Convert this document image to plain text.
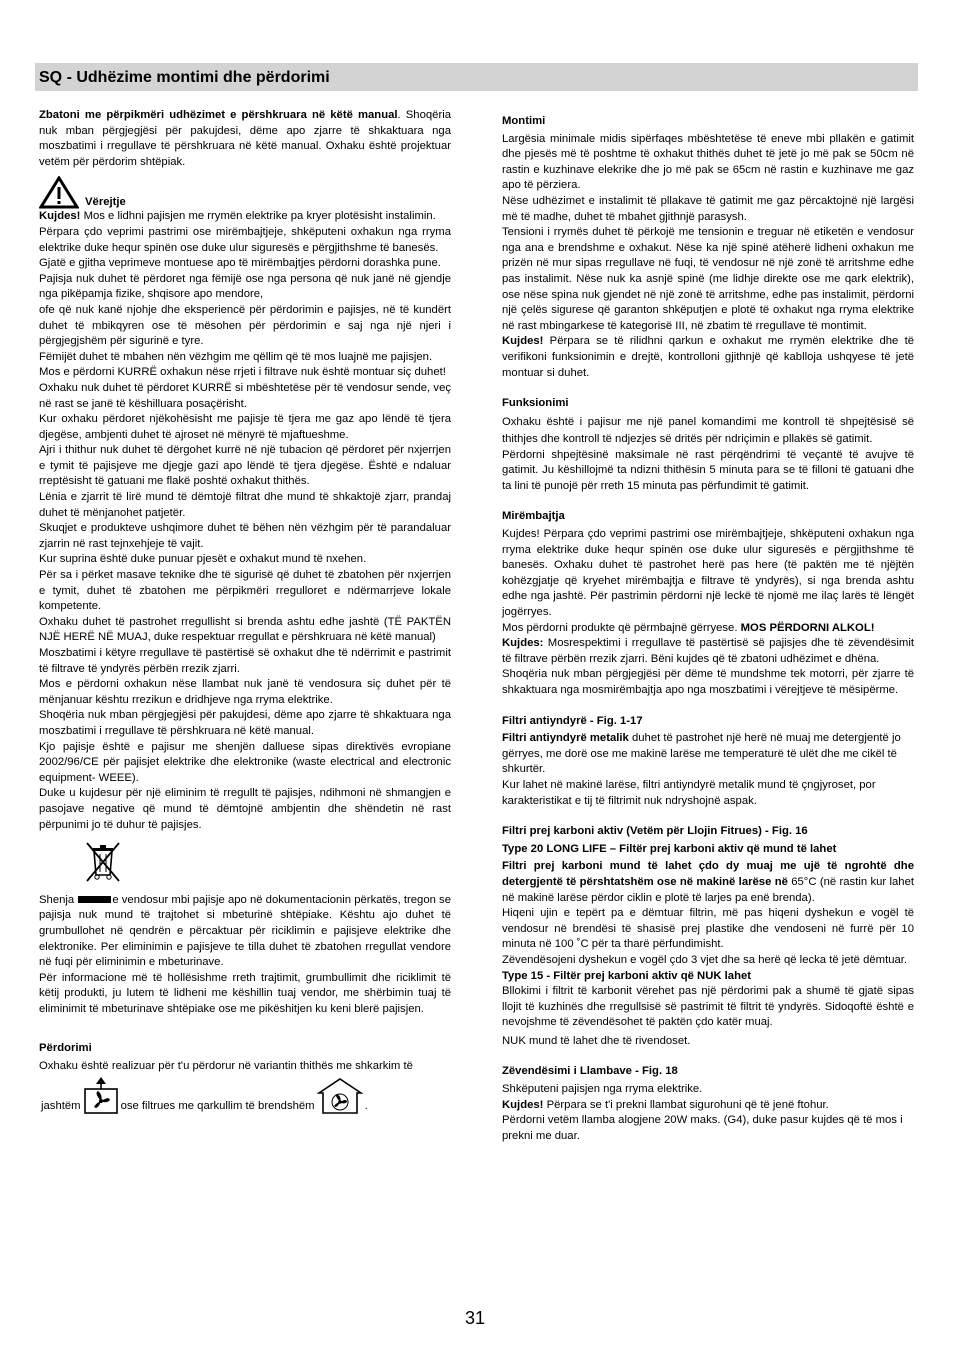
SQ - Udhëzime montimi dhe përdorimi

Zbatoni me përpikmëri udhëzimet e përshkruara në këtë manual. Shoqëria nuk mban përgjegjësi për pakujdesi, dëme apo zjarre të shkaktuara nga moszbatimi i rregullave të përshkruara në këtë manual. Oxhaku është projektuar vetëm për përdorim shtëpiak.

Vërejtje

Kujdes! Mos e lidhni pajisjen me rrymën elektrike pa kryer plotësisht instalimin.

Përpara çdo veprimi pastrimi ose mirëmbajtjeje, shkëputeni oxhakun nga rryma elektrike duke hequr spinën ose duke ulur siguresës e përgjithshme të banesës.

Gjatë e gjitha veprimeve montuese apo të mirëmbajtjes përdorni dorashka pune.

Pajisja nuk duhet të përdoret nga fëmijë ose nga persona që nuk janë në gjendje nga pikëpamja fizike, shqisore apo mendore,

ofe që nuk kanë njohje dhe eksperiencë për përdorimin e pajisjes, në të kundërt duhet të mbikqyren ose të mësohen për përdorimin e saj nga një njeri i përgjegjshëm për sigurinë e tyre.

Fëmijët duhet të mbahen nën vëzhgim me qëllim që të mos luajnë me pajisjen.

Mos e përdorni KURRË oxhakun nëse rrjeti i filtrave nuk është montuar siç duhet!

Oxhaku nuk duhet të përdoret KURRË si mbështetëse për të vendosur sende, veç në rast se janë të këshilluara posaçërisht.

Kur oxhaku përdoret njëkohësisht me pajisje të tjera me gaz apo lëndë të tjera djegëse, ambjenti duhet të ajroset në mënyrë të mjaftueshme.

Ajri i thithur nuk duhet të dërgohet kurrë në një tubacion që përdoret për nxjerrjen e tymit të pajisjeve me djegje gazi apo lëndë të tjera djegëse. Është e ndaluar rreptësisht të gatuani me flakë poshtë oxhakut thithës.

Lënia e zjarrit të lirë mund të dëmtojë filtrat dhe mund të shkaktojë zjarr, prandaj duhet të mënjanohet patjetër.

Skuqjet e produkteve ushqimore duhet të bëhen nën vëzhgim për të parandaluar zjarrin në rast tejnxehjeje të vajit.

Kur suprina është duke punuar pjesët e oxhakut mund të nxehen.

Për sa i përket masave teknike dhe të sigurisë që duhet të zbatohen për nxjerrjen e tymit, duhet të zbatohen me përpikmëri rregulloret e ndërmarrjeve lokale kompetente.

Oxhaku duhet të pastrohet rregullisht si brenda ashtu edhe jashtë (TË PAKTËN NJË HERË NË MUAJ, duke respektuar rregullat e përshkruara në këtë manual)

Moszbatimi i këtyre rregullave të pastërtisë së oxhakut dhe të ndërrimit e pastrimit të filtrave të yndyrës përbën rrezik zjarri.

Mos e përdorni oxhakun nëse llambat nuk janë të vendosura siç duhet për të mënjanuar kështu rrezikun e dridhjeve nga rryma elektrike.

Shoqëria nuk mban përgjegjësi për pakujdesi, dëme apo zjarre të shkaktuara nga moszbatimi i rregullave të përshkruara në këtë manual.

Kjo pajisje është e pajisur me shenjën dalluese sipas direktivës evropiane 2002/96/CE për pajisjet elektrike dhe elektronike (waste electrical and electronic equipment- WEEE).

Duke u kujdesur për një eliminim të rregullt të pajisjes, ndihmoni në shmangjen e pasojave negative që mund të dëmtojnë ambjentin dhe shëndetin në rast përpunimi jo të duhur të pajisjes.

Shenja	e vendosur mbi pajisje apo në dokumentacionin përkatës, tregon se pajisja nuk mund të trajtohet si mbeturinë shtëpiake. Kështu ajo duhet të grumbullohet në qendrën e përcaktuar për riciklimin e pajisjeve elektrike dhe elektronike. Per eliminimin e pajisjeve te tilla duhet të zbatohen rregullat vendore në fuqi për eliminimin e mbeturinave.

Për informacione më të hollësishme rreth trajtimit, grumbullimit dhe riciklimit të këtij produkti, ju lutem të lidheni me këshillin tuaj vendor, me shërbimin tuaj të eliminimit të mbeturinave shtëpiake ose me pikëshitjen ku keni blerë pajisjen.

Përdorimi

Oxhaku është realizuar për t'u përdorur në variantin thithës me shkarkim të

jashtëm	ose filtrues me qarkullim të brendshëm	.

Montimi

Largësia minimale midis sipërfaqes mbështetëse të eneve mbi pllakën e gatimit dhe pjesës më të poshtme të oxhakut thithës duhet të jetë jo më pak se 50cm në rastin e kuzhinave elekrike dhe jo më pak se 65cm në rastin e kuzhinave me gaz apo të përziera.

Nëse udhëzimet e instalimit të pllakave të gatimit me gaz përcaktojnë një largësi më të madhe, duhet të mbahet gjithnjë parasysh.

Tensioni i rrymës duhet të përkojë me tensionin e treguar në etiketën e vendosur nga ana e brendshme e oxhakut. Nëse ka një spinë atëherë lidheni oxhakun me prizën në mur sipas rregullave në fuqi, të vendosur në një zonë të arritshme edhe pas instalimit. Nëse nuk ka asnjë spinë (me lidhje direkte ose me qark elektrik), ose nëse spina nuk gjendet në një zonë të arritshme, edhe pas instalimit, përdorni një çelës sigurese që garanton shkëputjen e plotë të oxhakut nga rryma elektrike në rast mbingarkese të kategorisë III, në zbatim të rregullave të montimit.

Kujdes! Përpara se të rilidhni qarkun e oxhakut me rrymën elektrike dhe të verifikoni funksionimin e drejtë, kontrolloni gjithnjë që kablloja ushqyese të jetë montuar si duhet.

Funksionimi

Oxhaku është i pajisur me një panel komandimi me kontroll të shpejtësisë së thithjes dhe kontroll të ndjezjes së dritës për ndriçimin e pllakës së gatimit.

Përdorni shpejtësinë maksimale në rast përqëndrimi të veçantë të avujve të gatimit. Ju këshillojmë ta ndizni thithësin 5 minuta para se të filloni të gatuani dhe ta lini të punojë për rreth 15 minuta pas përfundimit të gatimit.

Mirëmbajtja

Kujdes! Përpara çdo veprimi pastrimi ose mirëmbajtjeje, shkëputeni oxhakun nga rryma elektrike duke hequr spinën ose duke ulur siguresës e përgjithshme të banesës. Oxhaku duhet të pastrohet herë pas here (të paktën me të njëjtën kohëzgjatje që kryehet mirëmbajtja e filtrave të yndyrës), si nga brenda ashtu edhe nga jashtë. Për pastrimin përdorni një leckë të njomë me ilaç larës të lëngët jogërryes.

Mos përdorni produkte që përmbajnë gërryese. MOS PËRDORNI ALKOL!

Kujdes: Mosrespektimi i rregullave të pastërtisë së pajisjes dhe të zëvendësimit të filtrave përbën rrezik zjarri. Bëni kujdes që të zbatoni udhëzimet e dhëna.

Shoqëria nuk mban përgjegjësi për dëme të mundshme tek motorri, për zjarre të shkaktuara nga mosmirëmbajtja apo nga moszbatimi i vërejtjeve të mësipërme.

Filtri antiyndyrë - Fig. 1-17

Filtri antiyndyrë metalik duhet të pastrohet një herë në muaj me detergjentë jo gërryes, me dorë ose me makinë larëse me temperaturë të ulët dhe me cikël të shkurtër.

Kur lahet në makinë larëse, filtri antiyndyrë metalik mund të çngjyroset, por karakteristikat e tij të filtrimit nuk ndryshojnë aspak.

Filtri prej karboni aktiv (Vetëm për Llojin Fitrues) - Fig. 16

Type 20 LONG LIFE – Filtër prej karboni aktiv që mund të lahet

Filtri prej karboni mund të lahet çdo dy muaj me ujë të ngrohtë dhe detergjentë të përshtatshëm ose në makinë larëse në 65°C (në rastin kur lahet në makinë larëse përdor ciklin e plotë të larjes pa enë brenda).

Hiqeni ujin e tepërt pa e dëmtuar filtrin, më pas hiqeni dyshekun e vogël të vendosur në brendësi të shasisë prej plastike dhe vendoseni në furrë për 10 minuta në 100 ˚C për ta tharë përfundimisht.

Zëvendësojeni dyshekun e vogël çdo 3 vjet dhe sa herë që lecka të jetë dëmtuar.

Type 15 - Filtër prej karboni aktiv që NUK lahet

Bllokimi i filtrit të karbonit vërehet pas një përdorimi pak a shumë të gjatë sipas llojit të kuzhinës dhe rregullsisë së pastrimit të filtrit të yndyrës. Sidoqoftë është e nevojshme të zëvendësohet të paktën çdo katër muaj.

NUK mund të lahet dhe të rivendoset.

Zëvendësimi i Llambave - Fig. 18

Shkëputeni pajisjen nga rryma elektrike.

Kujdes! Përpara se t'i prekni llambat sigurohuni që të jenë ftohur.

Përdorni vetëm llamba alogjene 20W maks. (G4), duke pasur kujdes që të mos i prekni me duar.

31
